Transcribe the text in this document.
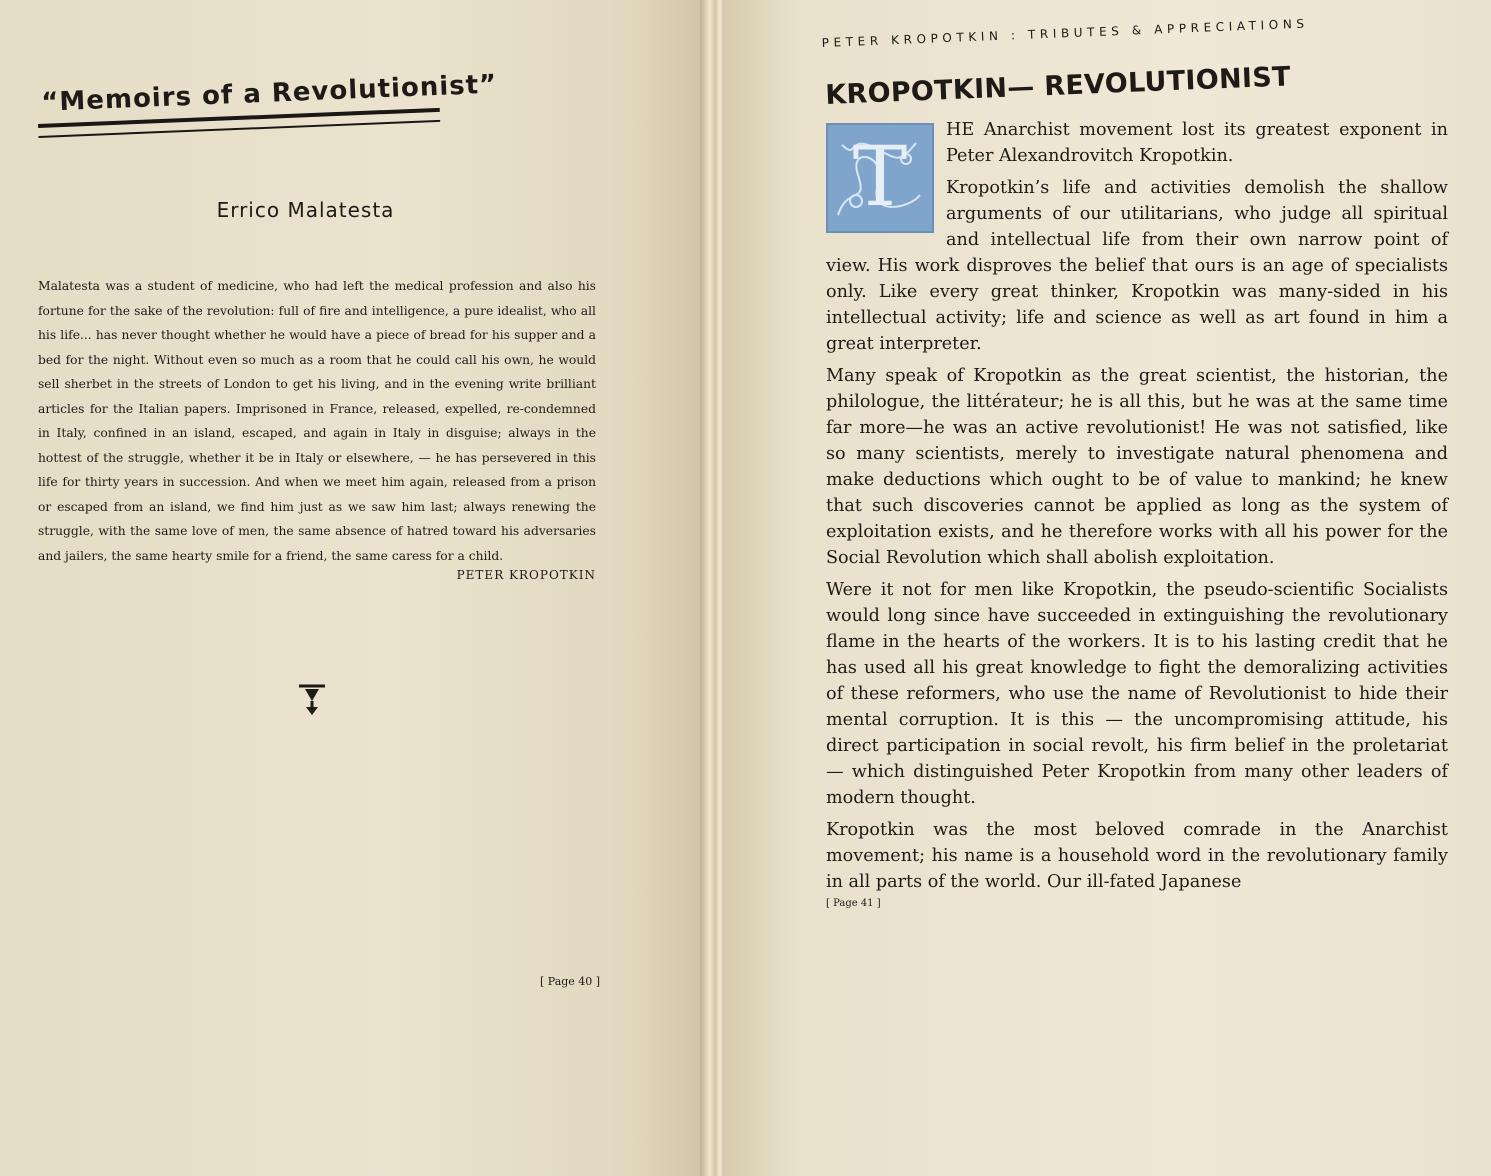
“Memoirs of a Revolutionist”
Errico Malatesta
Malatesta was a student of medicine, who had left the medical profession and also his fortune for the sake of the revolution: full of fire and intelligence, a pure idealist, who all his life... has never thought whether he would have a piece of bread for his supper and a bed for the night. Without even so much as a room that he could call his own, he would sell sherbet in the streets of London to get his living, and in the evening write brilliant articles for the Italian papers. Imprisoned in France, released, expelled, re-condemned in Italy, confined in an island, escaped, and again in Italy in disguise; always in the hottest of the struggle, whether it be in Italy or elsewhere, — he has persevered in this life for thirty years in succession. And when we meet him again, released from a prison or escaped from an island, we find him just as we saw him last; always renewing the struggle, with the same love of men, the same absence of hatred toward his adversaries and jailers, the same hearty smile for a friend, the same caress for a child.
PETER KROPOTKIN
[ Page 40 ]
PETER KROPOTKIN : TRIBUTES & APPRECIATIONS
KROPOTKIN— REVOLUTIONIST
T	HE Anarchist movement lost its greatest exponent in Peter Alexandrovitch Kropotkin.

Kropotkin’s life and activities demolish the shallow arguments of our utilitarians, who judge all spiritual and intellectual life from their own narrow point of view. His work disproves the belief that ours is an age of specialists only. Like every great thinker, Kropotkin was many-sided in his intellectual activity; life and science as well as art found in him a great interpreter.

Many speak of Kropotkin as the great scientist, the historian, the philologue, the littérateur; he is all this, but he was at the same time far more—he was an active revolutionist! He was not satisfied, like so many scientists, merely to investigate natural phenomena and make deductions which ought to be of value to mankind; he knew that such discoveries cannot be applied as long as the system of exploitation exists, and he therefore works with all his power for the Social Revolution which shall abolish exploitation.

Were it not for men like Kropotkin, the pseudo-scientific Socialists would long since have succeeded in extinguishing the revolutionary flame in the hearts of the workers. It is to his lasting credit that he has used all his great knowledge to fight the demoralizing activities of these reformers, who use the name of Revolutionist to hide their mental corruption. It is this — the uncompromising attitude, his direct participation in social revolt, his firm belief in the proletariat — which distinguished Peter Kropotkin from many other leaders of modern thought.

Kropotkin was the most beloved comrade in the Anarchist movement; his name is a household word in the revolutionary family in all parts of the world. Our ill-fated Japanese

[ Page 41 ]
